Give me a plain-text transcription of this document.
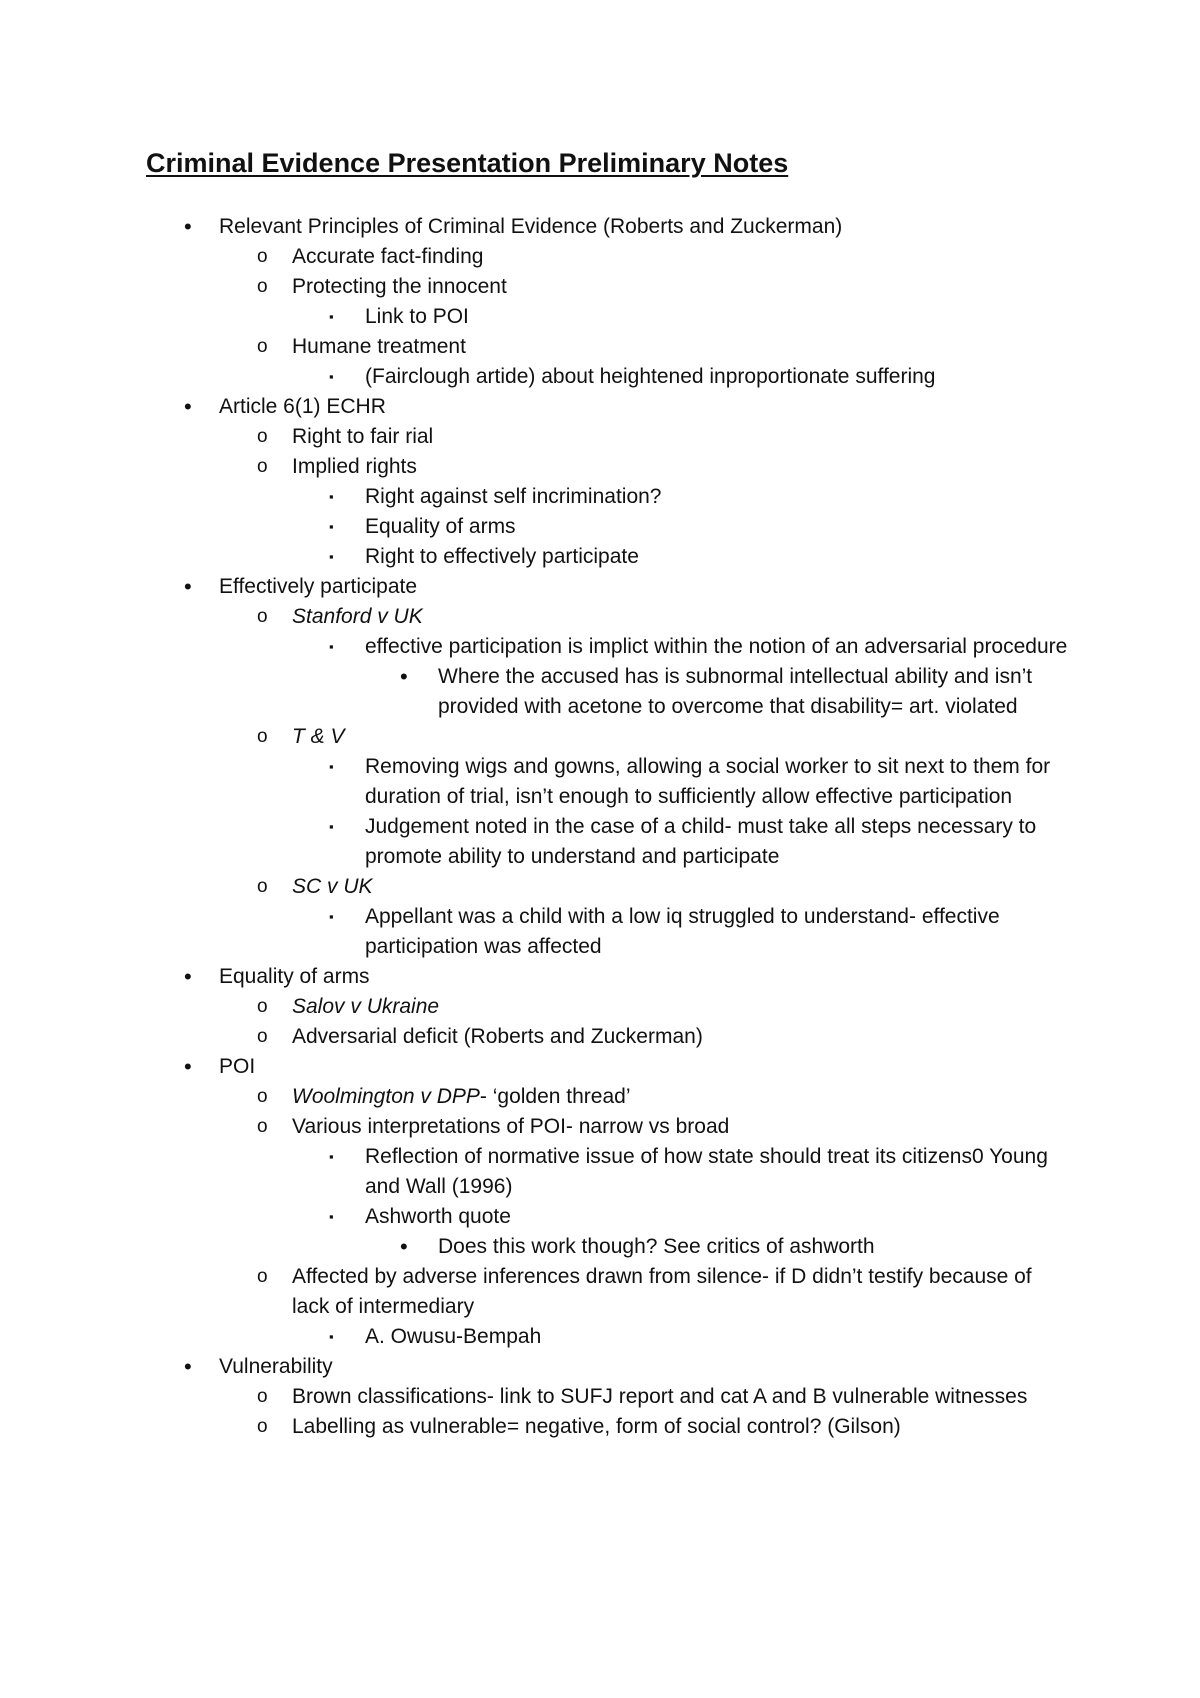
Criminal Evidence Presentation Preliminary Notes
• Relevant Principles of Criminal Evidence (Roberts and Zuckerman)
o Accurate fact-finding
o Protecting the innocent
▪ Link to POI
o Humane treatment
▪ (Fairclough artide) about heightened inproportionate suffering
• Article 6(1) ECHR
o Right to fair rial
o Implied rights
▪ Right against self incrimination?
▪ Equality of arms
▪ Right to effectively participate
• Effectively participate
o Stanford v UK
▪ effective participation is implict within the notion of an adversarial procedure
• Where the accused has is subnormal intellectual ability and isn’t provided with acetone to overcome that disability= art. violated
o T & V
▪ Removing wigs and gowns, allowing a social worker to sit next to them for duration of trial, isn’t enough to sufficiently allow effective participation
▪ Judgement noted in the case of a child- must take all steps necessary to promote ability to understand and participate
o SC v UK
▪ Appellant was a child with a low iq struggled to understand- effective participation was affected
• Equality of arms
o Salov v Ukraine
o Adversarial deficit (Roberts and Zuckerman)
• POI
o Woolmington v DPP- ‘golden thread’
o Various interpretations of POI- narrow vs broad
▪ Reflection of normative issue of how state should treat its citizens0 Young and Wall (1996)
▪ Ashworth quote
• Does this work though? See critics of ashworth
o Affected by adverse inferences drawn from silence- if D didn’t testify because of lack of intermediary
▪ A. Owusu-Bempah
• Vulnerability
o Brown classifications- link to SUFJ report and cat A and B vulnerable witnesses
o Labelling as vulnerable= negative, form of social control? (Gilson)
